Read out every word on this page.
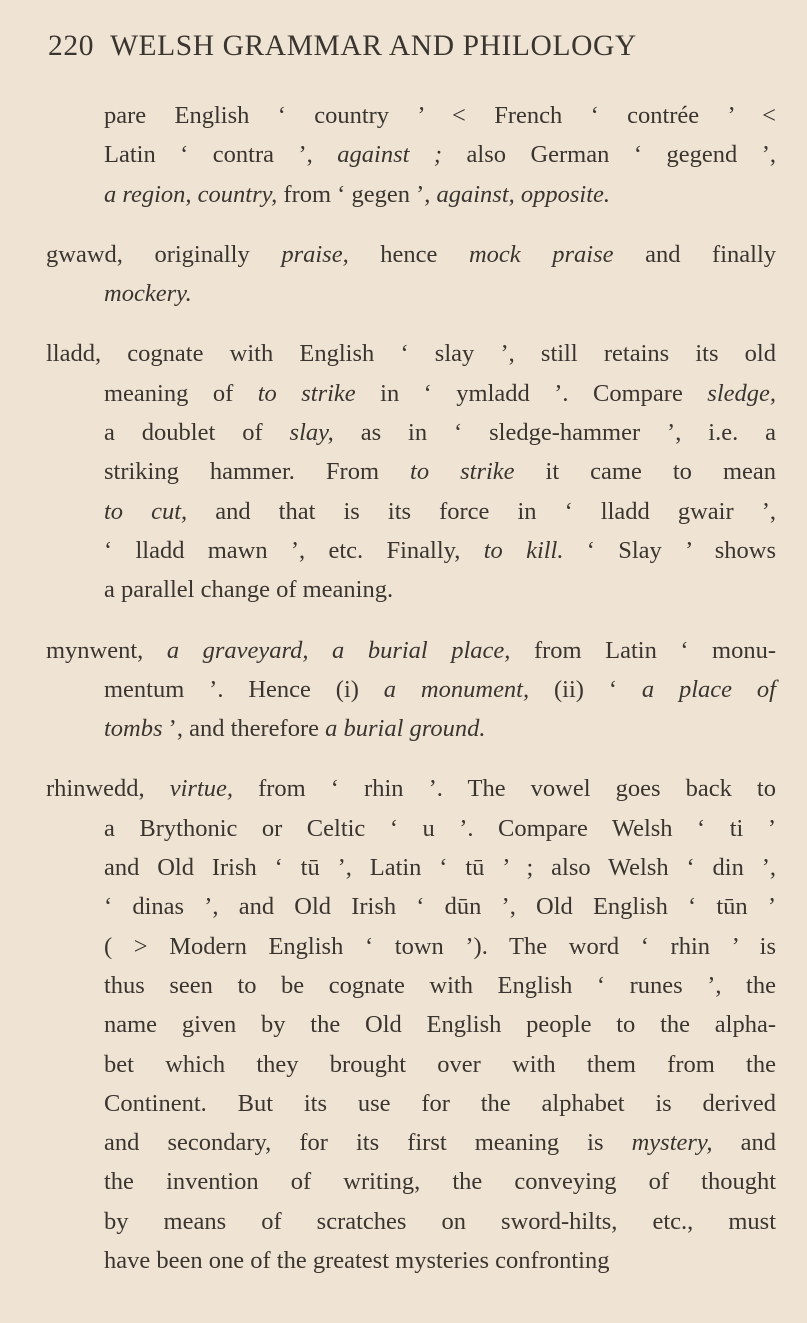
220 WELSH GRAMMAR AND PHILOLOGY
pare English ‘ country ’ < French ‘ contrée ’ <
Latin ‘ contra ’, against ; also German ‘ gegend ’,
a region, country, from ‘ gegen ’, against, opposite.
gwawd, originally praise, hence mock praise and finally
mockery.
lladd, cognate with English ‘ slay ’, still retains its old
meaning of to strike in ‘ ymladd ’. Compare sledge,
a doublet of slay, as in ‘ sledge-hammer ’, i.e. a
striking hammer. From to strike it came to mean
to cut, and that is its force in ‘ lladd gwair ’,
‘ lladd mawn ’, etc. Finally, to kill. ‘ Slay ’ shows
a parallel change of meaning.
mynwent, a graveyard, a burial place, from Latin ‘ monu-
mentum ’. Hence (i) a monument, (ii) ‘ a place of
tombs ’, and therefore a burial ground.
rhinwedd, virtue, from ‘ rhin ’. The vowel goes back to
a Brythonic or Celtic ‘ u ’. Compare Welsh ‘ ti ’
and Old Irish ‘ tū ’, Latin ‘ tū ’ ; also Welsh ‘ din ’,
‘ dinas ’, and Old Irish ‘ dūn ’, Old English ‘ tūn ’
( > Modern English ‘ town ’). The word ‘ rhin ’ is
thus seen to be cognate with English ‘ runes ’, the
name given by the Old English people to the alpha-
bet which they brought over with them from the
Continent. But its use for the alphabet is derived
and secondary, for its first meaning is mystery, and
the invention of writing, the conveying of thought
by means of scratches on sword-hilts, etc., must
have been one of the greatest mysteries confronting
